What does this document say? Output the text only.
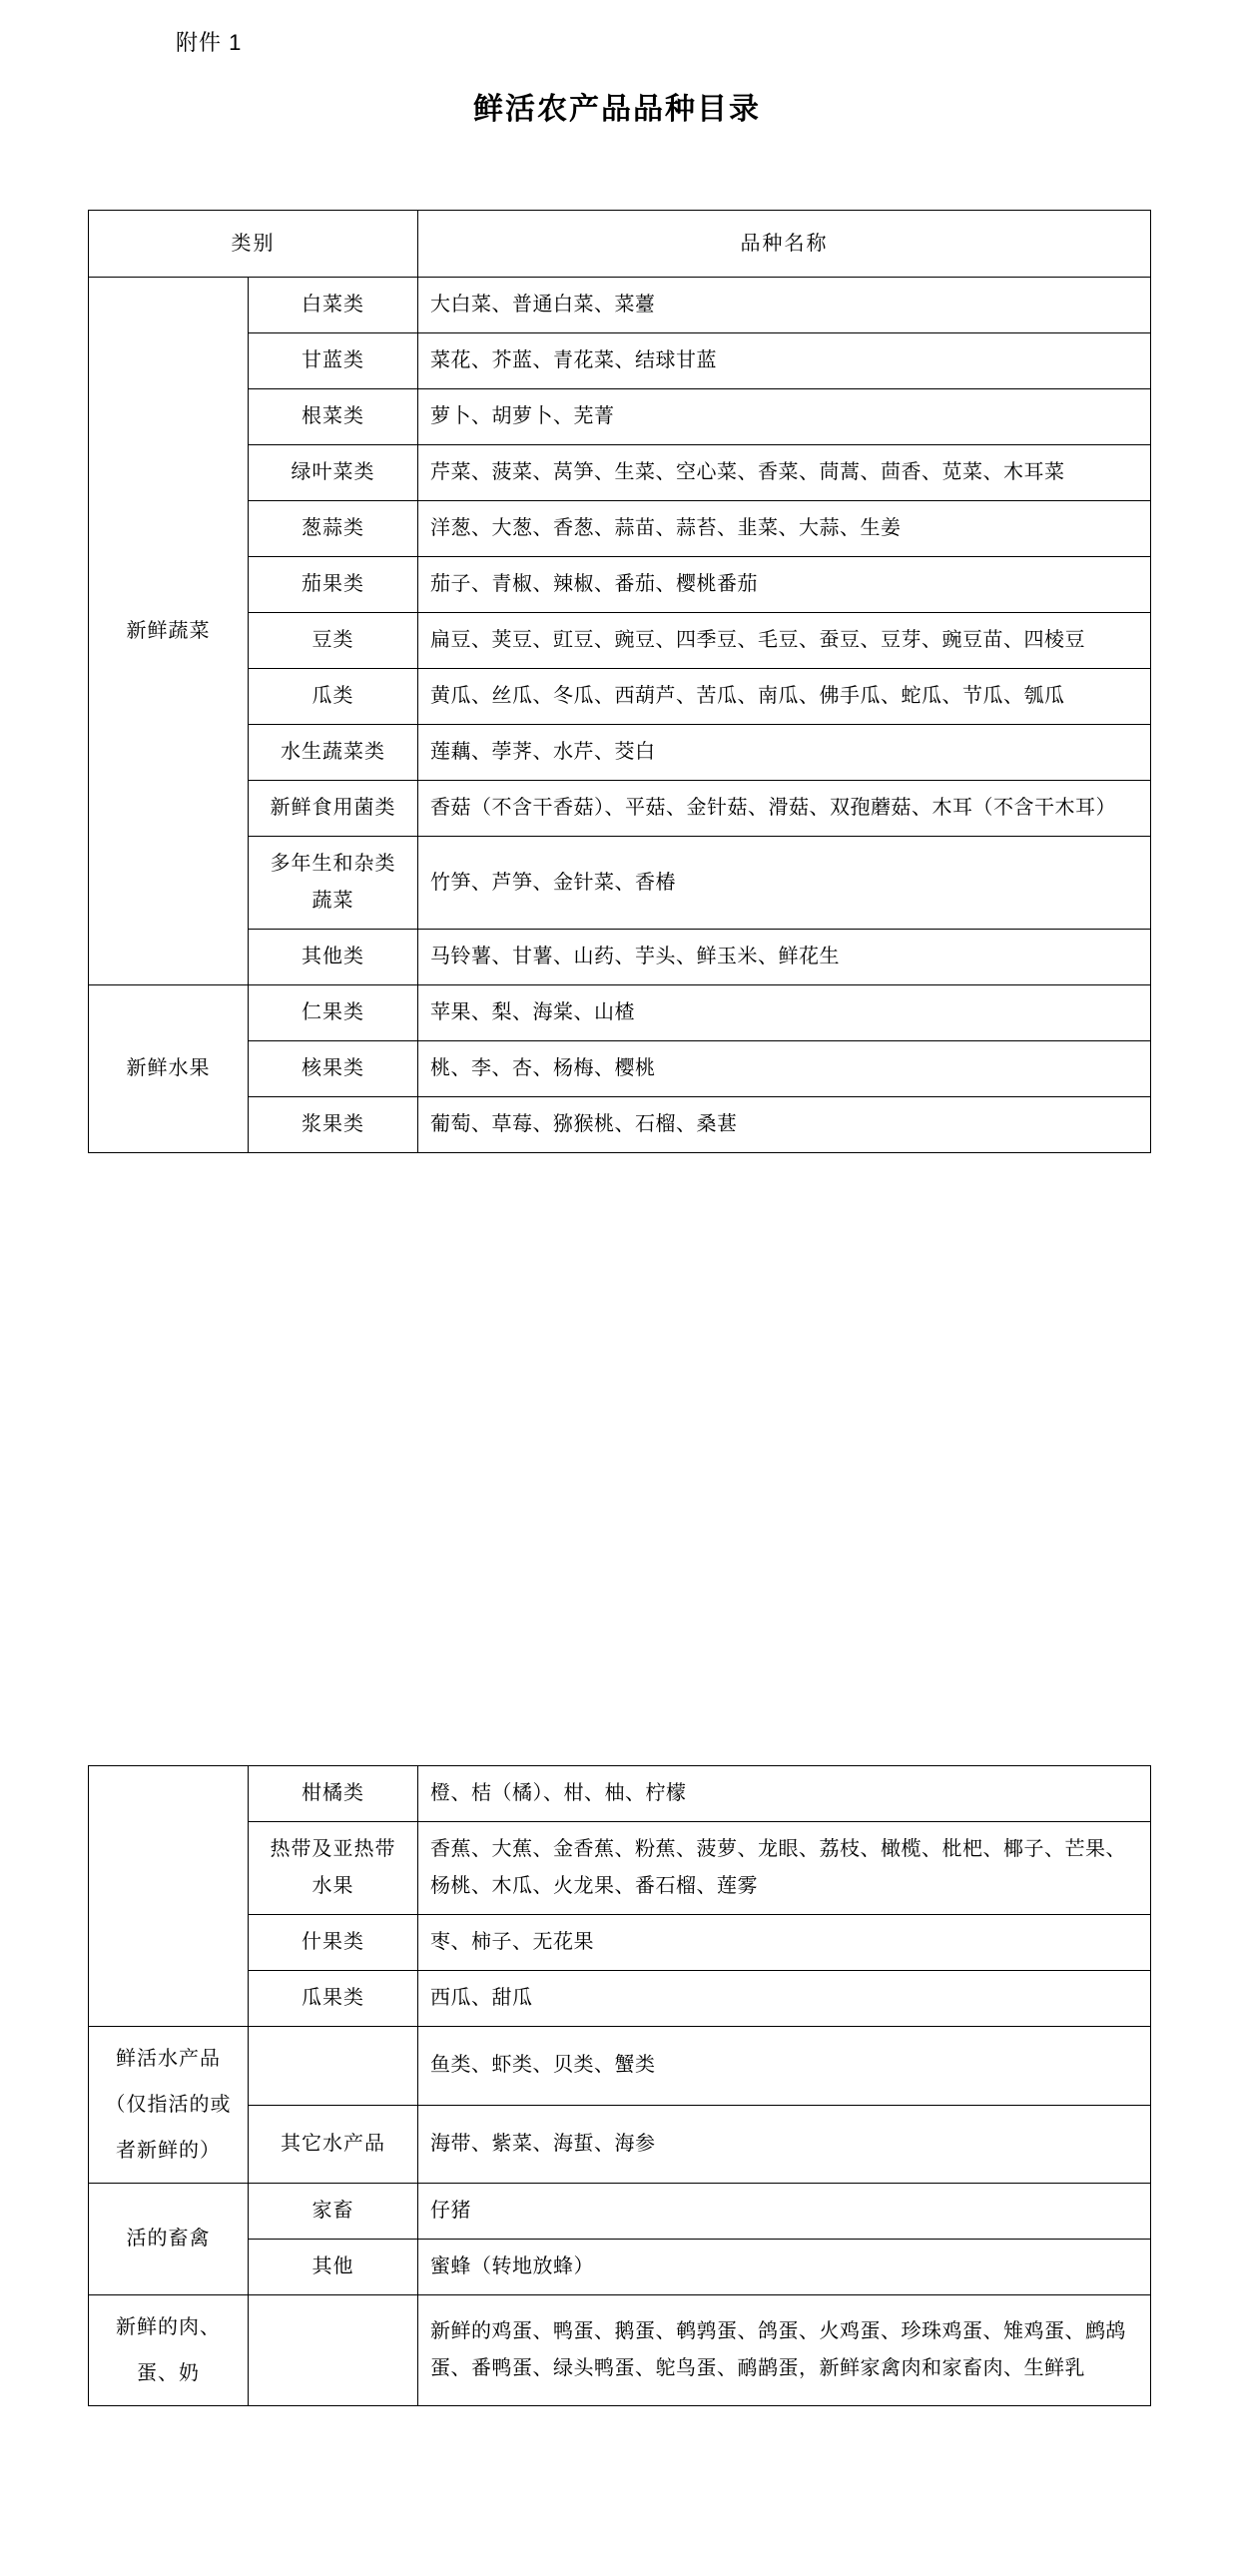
附件 1
鲜活农产品品种目录
类别		品种名称
新鲜蔬菜	白菜类	大白菜、普通白菜、菜薹
	甘蓝类	菜花、芥蓝、青花菜、结球甘蓝
	根菜类	萝卜、胡萝卜、芜菁
	绿叶菜类	芹菜、菠菜、莴笋、生菜、空心菜、香菜、茼蒿、茴香、苋菜、木耳菜
	葱蒜类	洋葱、大葱、香葱、蒜苗、蒜苔、韭菜、大蒜、生姜
	茄果类	茄子、青椒、辣椒、番茄、樱桃番茄
	豆类	扁豆、荚豆、豇豆、豌豆、四季豆、毛豆、蚕豆、豆芽、豌豆苗、四棱豆
	瓜类	黄瓜、丝瓜、冬瓜、西葫芦、苦瓜、南瓜、佛手瓜、蛇瓜、节瓜、瓠瓜
	水生蔬菜类	莲藕、荸荠、水芹、茭白
	新鲜食用菌类	香菇（不含干香菇）、平菇、金针菇、滑菇、双孢蘑菇、木耳（不含干木耳）
	多年生和杂类蔬菜	竹笋、芦笋、金针菜、香椿
	其他类	马铃薯、甘薯、山药、芋头、鲜玉米、鲜花生
新鲜水果	仁果类	苹果、梨、海棠、山楂
	核果类	桃、李、杏、杨梅、樱桃
	浆果类	葡萄、草莓、猕猴桃、石榴、桑葚
	柑橘类	橙、桔（橘）、柑、柚、柠檬
	热带及亚热带水果	香蕉、大蕉、金香蕉、粉蕉、菠萝、龙眼、荔枝、橄榄、枇杷、椰子、芒果、杨桃、木瓜、火龙果、番石榴、莲雾
	什果类	枣、柿子、无花果
	瓜果类	西瓜、甜瓜
鲜活水产品（仅指活的或者新鲜的）		鱼类、虾类、贝类、蟹类
	其它水产品	海带、紫菜、海蜇、海参
活的畜禽	家畜	仔猪
	其他	蜜蜂（转地放蜂）
新鲜的肉、蛋、奶		新鲜的鸡蛋、鸭蛋、鹅蛋、鹌鹑蛋、鸽蛋、火鸡蛋、珍珠鸡蛋、雉鸡蛋、鹧鸪蛋、番鸭蛋、绿头鸭蛋、鸵鸟蛋、鸸鹋蛋，新鲜家禽肉和家畜肉、生鲜乳
